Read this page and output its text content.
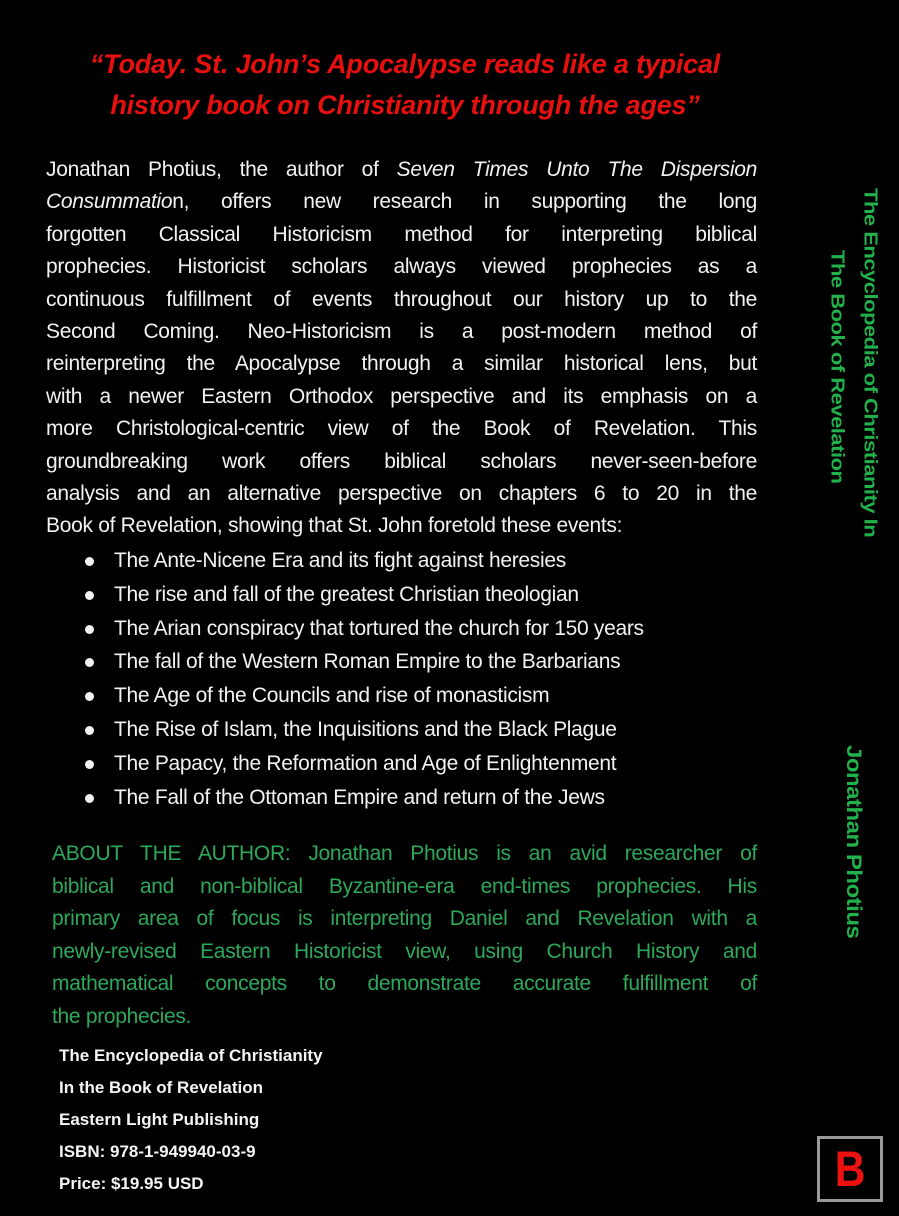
“Today. St. John’s Apocalypse reads like a typical
history book on Christianity through the ages”
Jonathan Photius, the author of Seven Times Unto The Dispersion
Consummation, offers new research in supporting the long
forgotten Classical Historicism method for interpreting biblical
prophecies. Historicist scholars always viewed prophecies as a
continuous fulfillment of events throughout our history up to the
Second Coming. Neo-Historicism is a post-modern method of
reinterpreting the Apocalypse through a similar historical lens, but
with a newer Eastern Orthodox perspective and its emphasis on a
more Christological-centric view of the Book of Revelation. This
groundbreaking work offers biblical scholars never-seen-before
analysis and an alternative perspective on chapters 6 to 20 in the
Book of Revelation, showing that St. John foretold these events:
The Ante-Nicene Era and its fight against heresies
The rise and fall of the greatest Christian theologian
The Arian conspiracy that tortured the church for 150 years
The fall of the Western Roman Empire to the Barbarians
The Age of the Councils and rise of monasticism
The Rise of Islam, the Inquisitions and the Black Plague
The Papacy, the Reformation and Age of Enlightenment
The Fall of the Ottoman Empire and return of the Jews
ABOUT THE AUTHOR: Jonathan Photius is an avid researcher of
biblical and non-biblical Byzantine-era end-times prophecies. His
primary area of focus is interpreting Daniel and Revelation with a
newly-revised Eastern Historicist view, using Church History and
mathematical concepts to demonstrate accurate fulfillment of
the prophecies.
The Encyclopedia of Christianity
In the Book of Revelation
Eastern Light Publishing
ISBN: 978-1-949940-03-9
Price: $19.95 USD
The Encyclopedia of Christianity In
The Book of Revelation
Jonathan Photius
B
